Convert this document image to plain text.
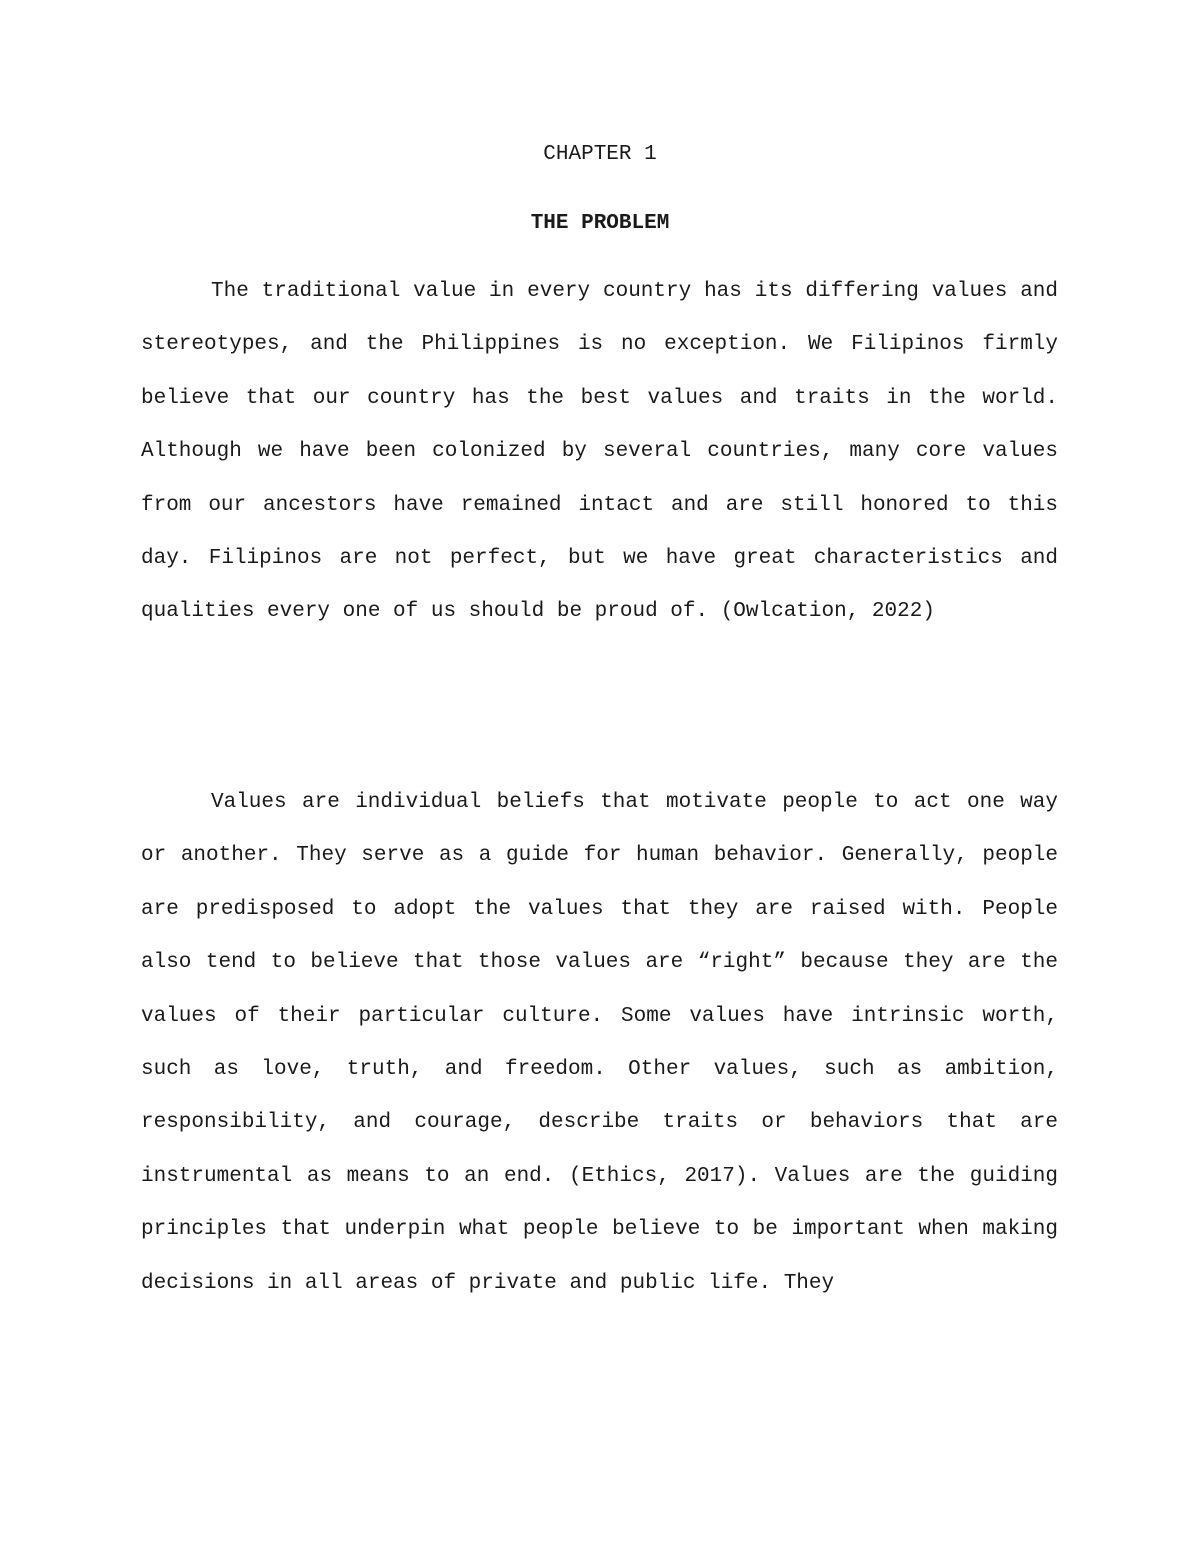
CHAPTER 1

THE PROBLEM

The traditional value in every country has its differing values and stereotypes, and the Philippines is no exception. We Filipinos firmly believe that our country has the best values and traits in the world. Although we have been colonized by several countries, many core values from our ancestors have remained intact and are still honored to this day. Filipinos are not perfect, but we have great characteristics and qualities every one of us should be proud of. (Owlcation, 2022)

Values are individual beliefs that motivate people to act one way or another. They serve as a guide for human behavior. Generally, people are predisposed to adopt the values that they are raised with. People also tend to believe that those values are “right” because they are the values of their particular culture. Some values have intrinsic worth, such as love, truth, and freedom. Other values, such as ambition, responsibility, and courage, describe traits or behaviors that are instrumental as means to an end. (Ethics, 2017). Values are the guiding principles that underpin what people believe to be important when making decisions in all areas of private and public life. They
